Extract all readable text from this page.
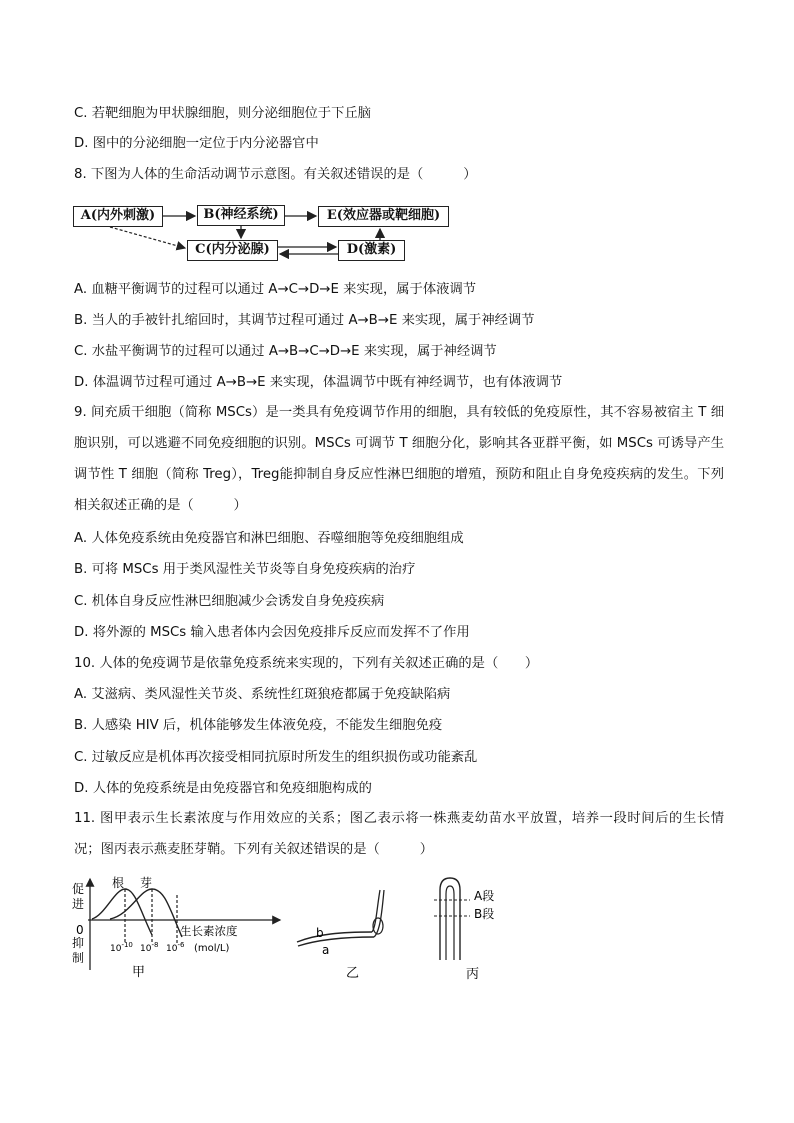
C. 若靶细胞为甲状腺细胞，则分泌细胞位于下丘脑
D. 图中的分泌细胞一定位于内分泌器官中
8. 下图为人体的生命活动调节示意图。有关叙述错误的是（　　　）
A(内外刺激)	B(神经系统)	E(效应器或靶细胞)
C(内分泌腺)	D(激素)
A. 血糖平衡调节的过程可以通过 A→C→D→E 来实现，属于体液调节
B. 当人的手被针扎缩回时，其调节过程可通过 A→B→E 来实现，属于神经调节
C. 水盐平衡调节的过程可以通过 A→B→C→D→E 来实现，属于神经调节
D. 体温调节过程可通过 A→B→E 来实现，体温调节中既有神经调节，也有体液调节
9. 间充质干细胞（简称 MSCs）是一类具有免疫调节作用的细胞，具有较低的免疫原性，其不容易被宿主 T 细胞识别，可以逃避不同免疫细胞的识别。MSCs 可调节 T 细胞分化，影响其各亚群平衡，如 MSCs 可诱导产生调节性 T 细胞（简称 Treg），Treg能抑制自身反应性淋巴细胞的增殖，预防和阻止自身免疫疾病的发生。下列相关叙述正确的是（　　　）
A. 人体免疫系统由免疫器官和淋巴细胞、吞噬细胞等免疫细胞组成
B. 可将 MSCs 用于类风湿性关节炎等自身免疫疾病的治疗
C. 机体自身反应性淋巴细胞减少会诱发自身免疫疾病
D. 将外源的 MSCs 输入患者体内会因免疫排斥反应而发挥不了作用
10. 人体的免疫调节是依靠免疫系统来实现的，下列有关叙述正确的是（　　）
A. 艾滋病、类风湿性关节炎、系统性红斑狼疮都属于免疫缺陷病
B. 人感染 HIV 后，机体能够发生体液免疫，不能发生细胞免疫
C. 过敏反应是机体再次接受相同抗原时所发生的组织损伤或功能紊乱
D. 人体的免疫系统是由免疫器官和免疫细胞构成的
11. 图甲表示生长素浓度与作用效应的关系；图乙表示将一株燕麦幼苗水平放置，培养一段时间后的生长情况；图丙表示燕麦胚芽鞘。下列有关叙述错误的是（　　　）
促
进
0
抑
制
根 芽
生长素浓度
(mol/L)
$10^{-10}$ $10^{-8}$ $10^{-6}$
甲
b
a
乙
A段
B段
丙
